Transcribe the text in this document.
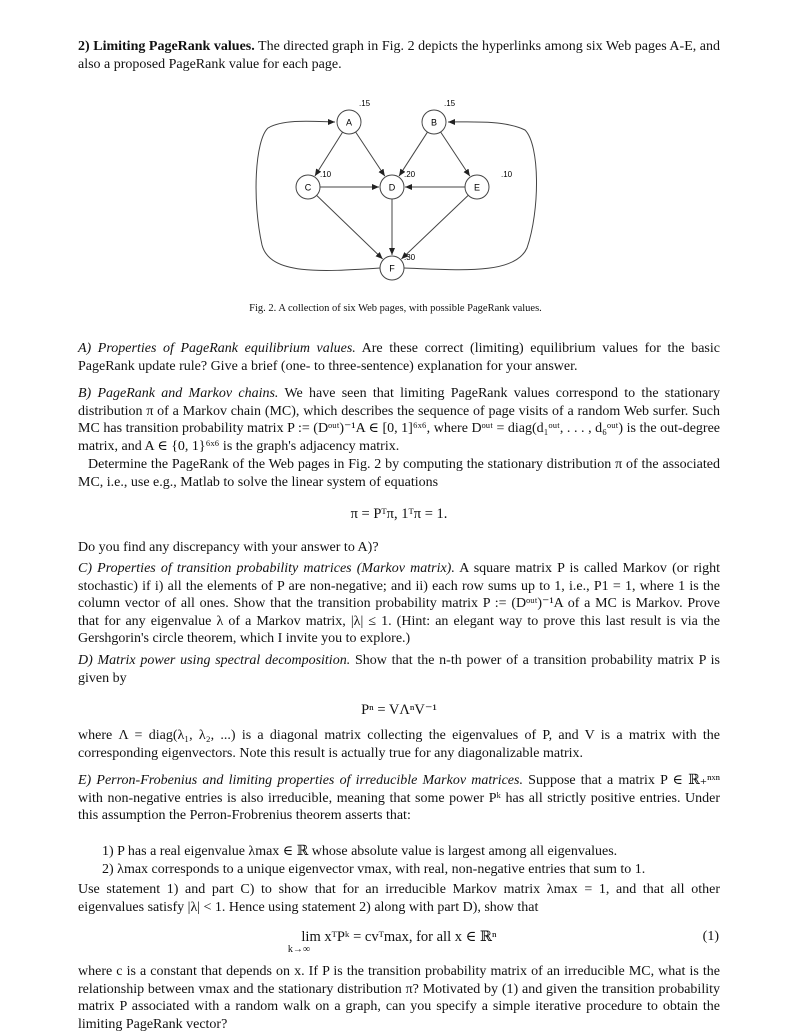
2) Limiting PageRank values. The directed graph in Fig. 2 depicts the hyperlinks among six Web pages A-E, and also a proposed PageRank value for each page.
A
.15
B
.15
C
.10
D
.20
E
.10
F
.30
Fig. 2. A collection of six Web pages, with possible PageRank values.
A) Properties of PageRank equilibrium values. Are these correct (limiting) equilibrium values for the basic PageRank update rule? Give a brief (one- to three-sentence) explanation for your answer.
B) PageRank and Markov chains. We have seen that limiting PageRank values correspond to the stationary distribution π of a Markov chain (MC), which describes the sequence of page visits of a random Web surfer. Such MC has transition probability matrix P := (Dᵒᵘᵗ)⁻¹A ∈ [0, 1]⁶ˣ⁶, where Dᵒᵘᵗ = diag(d₁ᵒᵘᵗ, . . . , d₆ᵒᵘᵗ) is the out-degree matrix, and A ∈ {0, 1}⁶ˣ⁶ is the graph's adjacency matrix.
Determine the PageRank of the Web pages in Fig. 2 by computing the stationary distribution π of the associated MC, i.e., use e.g., Matlab to solve the linear system of equations
π = Pᵀπ, 1ᵀπ = 1.
Do you find any discrepancy with your answer to A)?
C) Properties of transition probability matrices (Markov matrix). A square matrix P is called Markov (or right stochastic) if i) all the elements of P are non-negative; and ii) each row sums up to 1, i.e., P1 = 1, where 1 is the column vector of all ones. Show that the transition probability matrix P := (Dᵒᵘᵗ)⁻¹A of a MC is Markov. Prove that for any eigenvalue λ of a Markov matrix, |λ| ≤ 1. (Hint: an elegant way to prove this last result is via the Gershgorin's circle theorem, which I invite you to explore.)
D) Matrix power using spectral decomposition. Show that the n-th power of a transition probability matrix P is given by
Pⁿ = VΛⁿV⁻¹
where Λ = diag(λ₁, λ₂, ...) is a diagonal matrix collecting the eigenvalues of P, and V is a matrix with the corresponding eigenvectors. Note this result is actually true for any diagonalizable matrix.
E) Perron-Frobenius and limiting properties of irreducible Markov matrices. Suppose that a matrix P ∈ ℝ₊ⁿˣⁿ with non-negative entries is also irreducible, meaning that some power Pᵏ has all strictly positive entries. Under this assumption the Perron-Frobrenius theorem asserts that:
1) P has a real eigenvalue λmax ∈ ℝ whose absolute value is largest among all eigenvalues.
2) λmax corresponds to a unique eigenvector vmax, with real, non-negative entries that sum to 1.
Use statement 1) and part C) to show that for an irreducible Markov matrix λmax = 1, and that all other eigenvalues satisfy |λ| < 1. Hence using statement 2) along with part D), show that
lim xᵀPᵏ = cvᵀmax, for all x ∈ ℝⁿ
k→∞
(1)
where c is a constant that depends on x. If P is the transition probability matrix of an irreducible MC, what is the relationship between vmax and the stationary distribution π? Motivated by (1) and given the transition probability matrix P associated with a random walk on a graph, can you specify a simple iterative procedure to obtain the limiting PageRank vector?
